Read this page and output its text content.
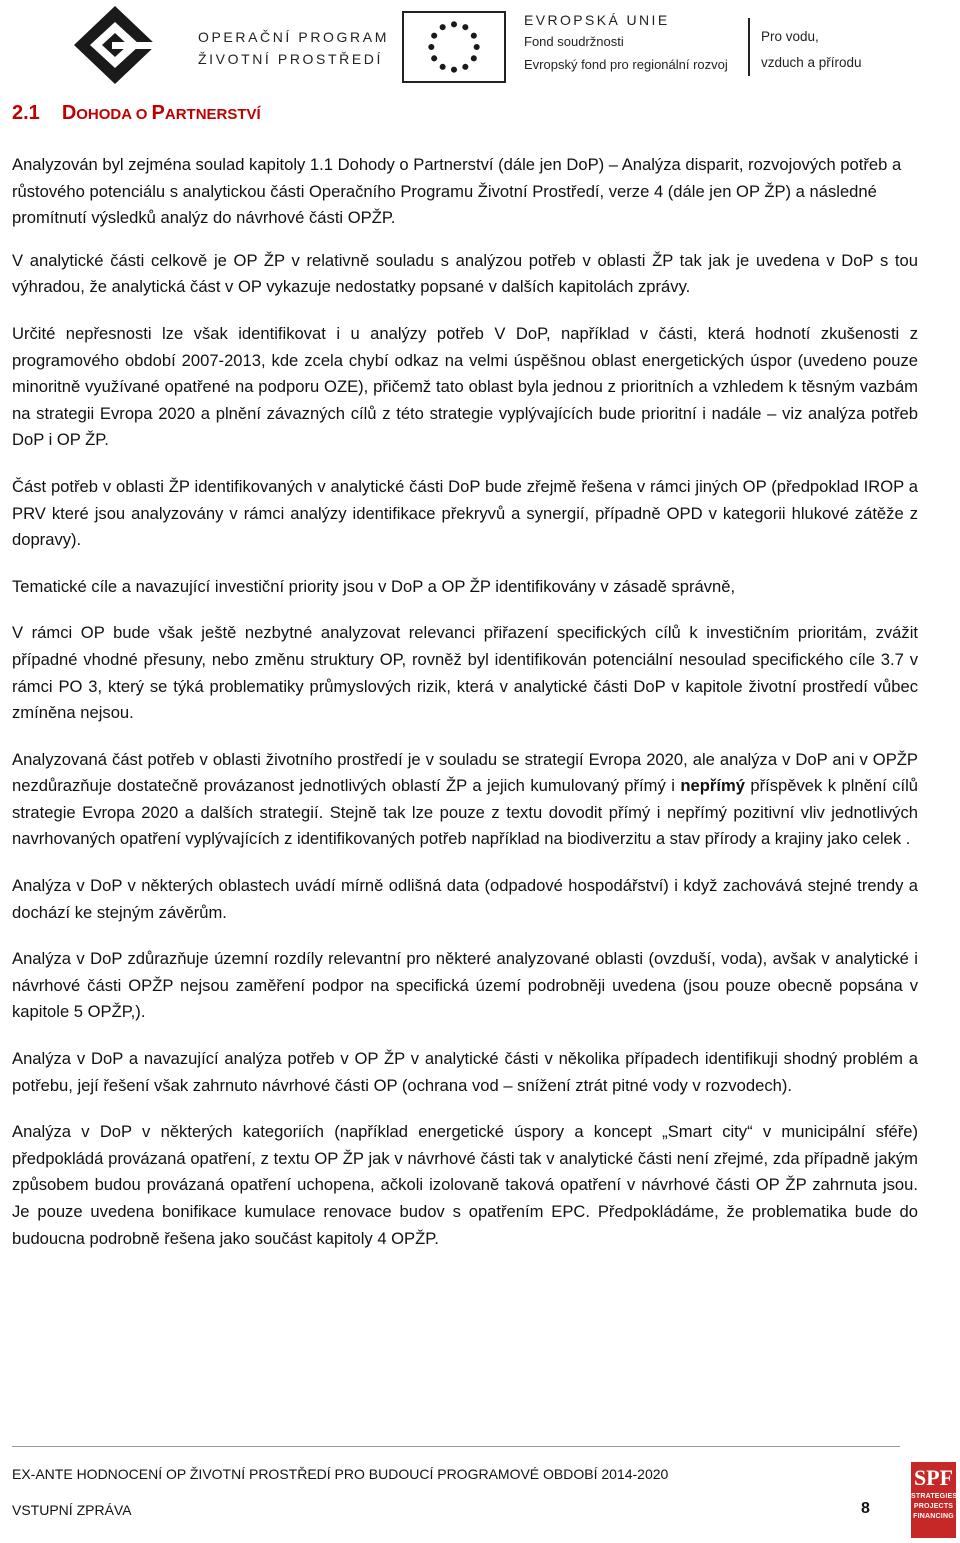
OPERAČNÍ PROGRAM
ŽIVOTNÍ PROSTŘEDÍ
EVROPSKÁ UNIE
Fond soudržnosti
Evropský fond pro regionální rozvoj
Pro vodu,
vzduch a přírodu
2.1 DOHODA O PARTNERSTVÍ

Analyzován byl zejména soulad kapitoly 1.1 Dohody o Partnerství (dále jen DoP) – Analýza disparit, rozvojových potřeb a růstového potenciálu s analytickou části Operačního Programu Životní Prostředí, verze 4 (dále jen OP ŽP) a následné promítnutí výsledků analýz do návrhové části OPŽP.

V analytické části celkově je OP ŽP v relativně souladu s analýzou potřeb v oblasti ŽP tak jak je uvedena v DoP s tou výhradou, že analytická část v OP vykazuje nedostatky popsané v dalších kapitolách zprávy.

Určité nepřesnosti lze však identifikovat i u analýzy potřeb V DoP, například v části, která hodnotí zkušenosti z programového období 2007-2013, kde zcela chybí odkaz na velmi úspěšnou oblast energetických úspor (uvedeno pouze minoritně využívané opatřené na podporu OZE), přičemž tato oblast byla jednou z prioritních a vzhledem k těsným vazbám na strategii Evropa 2020 a plnění závazných cílů z této strategie vyplývajících bude prioritní i nadále – viz analýza potřeb DoP i OP ŽP.

Část potřeb v oblasti ŽP identifikovaných v analytické části DoP bude zřejmě řešena v rámci jiných OP (předpoklad IROP a PRV které jsou analyzovány v rámci analýzy identifikace překryvů a synergií, případně OPD v kategorii hlukové zátěže z dopravy).

Tematické cíle a navazující investiční priority jsou v DoP a OP ŽP identifikovány v zásadě správně,

V rámci OP bude však ještě nezbytné analyzovat relevanci přiřazení specifických cílů k investičním prioritám, zvážit případné vhodné přesuny, nebo změnu struktury OP, rovněž byl identifikován potenciální nesoulad specifického cíle 3.7 v rámci PO 3, který se týká problematiky průmyslových rizik, která v analytické části DoP v kapitole životní prostředí vůbec zmíněna nejsou.

Analyzovaná část potřeb v oblasti životního prostředí je v souladu se strategií Evropa 2020, ale analýza v DoP ani v OPŽP nezdůrazňuje dostatečně provázanost jednotlivých oblastí ŽP a jejich kumulovaný přímý i nepřímý příspěvek k plnění cílů strategie Evropa 2020 a dalších strategií. Stejně tak lze pouze z textu dovodit přímý i nepřímý pozitivní vliv jednotlivých navrhovaných opatření vyplývajících z identifikovaných potřeb například na biodiverzitu a stav přírody a krajiny jako celek .

Analýza v DoP v některých oblastech uvádí mírně odlišná data (odpadové hospodářství) i když zachovává stejné trendy a dochází ke stejným závěrům.

Analýza v DoP zdůrazňuje územní rozdíly relevantní pro některé analyzované oblasti (ovzduší, voda), avšak v analytické i návrhové části OPŽP nejsou zaměření podpor na specifická území podrobněji uvedena (jsou pouze obecně popsána v kapitole 5 OPŽP,).

Analýza v DoP a navazující analýza potřeb v OP ŽP v analytické části v několika případech identifikuji shodný problém a potřebu, její řešení však zahrnuto návrhové části OP (ochrana vod – snížení ztrát pitné vody v rozvodech).

Analýza v DoP v některých kategoriích (například energetické úspory a koncept „Smart city“ v municipální sféře) předpokládá provázaná opatření, z textu OP ŽP jak v návrhové části tak v analytické části není zřejmé, zda případně jakým způsobem budou provázaná opatření uchopena, ačkoli izolovaně taková opatření v návrhové části OP ŽP zahrnuta jsou. Je pouze uvedena bonifikace kumulace renovace budov s opatřením EPC. Předpokládáme, že problematika bude do budoucna podrobně řešena jako součást kapitoly 4 OPŽP.

EX-ANTE HODNOCENÍ OP ŽIVOTNÍ PROSTŘEDÍ PRO BUDOUCÍ PROGRAMOVÉ OBDOBÍ 2014-2020
VSTUPNÍ ZPRÁVA	8
SPF
STRATEGIES
PROJECTS
FINANCING
